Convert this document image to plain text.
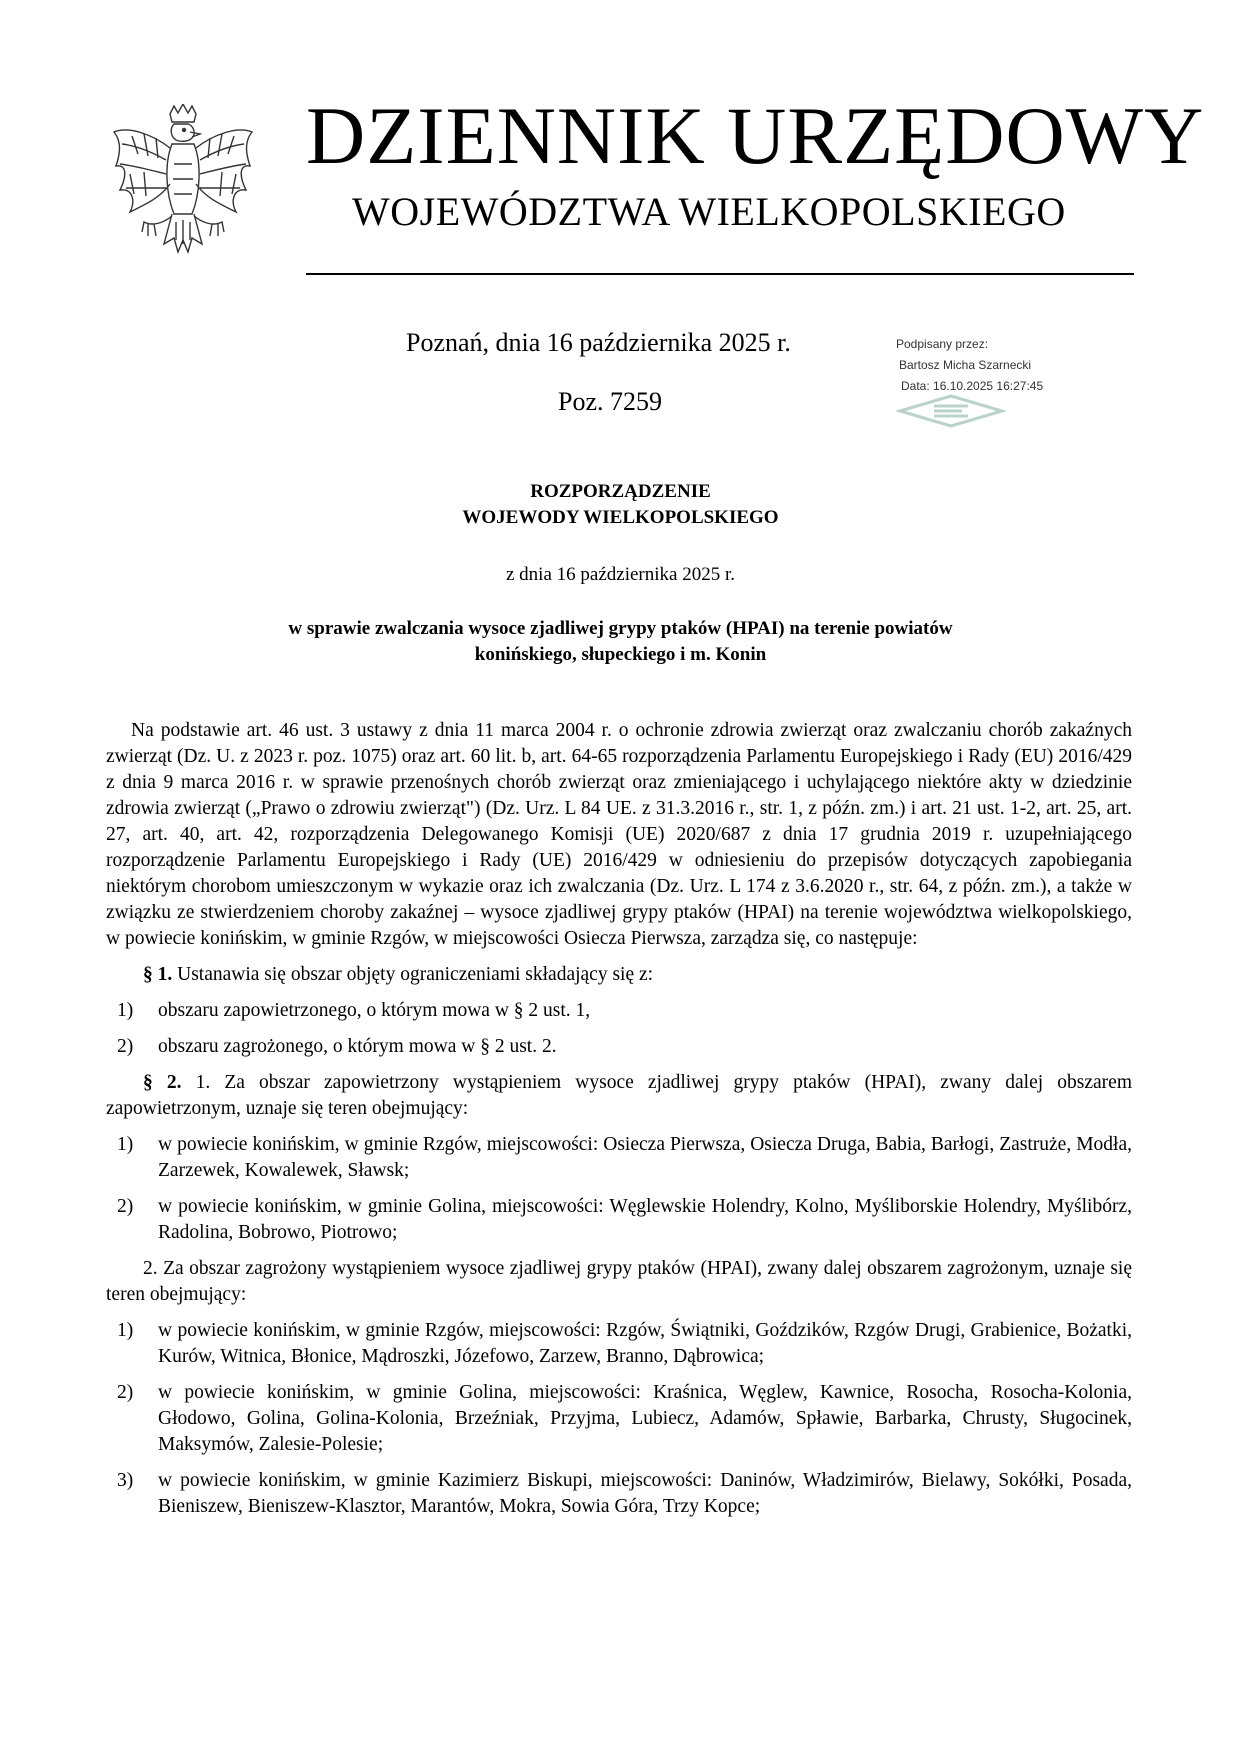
DZIENNIK URZĘDOWY
WOJEWÓDZTWA WIELKOPOLSKIEGO
Poznań, dnia 16 października 2025 r.
Poz. 7259
Podpisany przez:
Bartosz Micha Szarnecki
Data: 16.10.2025 16:27:45
ROZPORZĄDZENIE
WOJEWODY WIELKOPOLSKIEGO
z dnia 16 października 2025 r.
w sprawie zwalczania wysoce zjadliwej grypy ptaków (HPAI) na terenie powiatów
konińskiego, słupeckiego i m. Konin

Na podstawie art. 46 ust. 3 ustawy z dnia 11 marca 2004 r. o ochronie zdrowia zwierząt oraz zwalczaniu chorób zakaźnych zwierząt (Dz. U. z 2023 r. poz. 1075) oraz art. 60 lit. b, art. 64-65 rozporządzenia Parlamentu Europejskiego i Rady (EU) 2016/429 z dnia 9 marca 2016 r. w sprawie przenośnych chorób zwierząt oraz zmieniającego i uchylającego niektóre akty w dziedzinie zdrowia zwierząt („Prawo o zdrowiu zwierząt") (Dz. Urz. L 84 UE. z 31.3.2016 r., str. 1, z późn. zm.) i art. 21 ust. 1-2, art. 25, art. 27, art. 40, art. 42, rozporządzenia Delegowanego Komisji (UE) 2020/687 z dnia 17 grudnia 2019 r. uzupełniającego rozporządzenie Parlamentu Europejskiego i Rady (UE) 2016/429 w odniesieniu do przepisów dotyczących zapobiegania niektórym chorobom umieszczonym w wykazie oraz ich zwalczania (Dz. Urz. L 174 z 3.6.2020 r., str. 64, z późn. zm.), a także w związku ze stwierdzeniem choroby zakaźnej – wysoce zjadliwej grypy ptaków (HPAI) na terenie województwa wielkopolskiego, w powiecie konińskim, w gminie Rzgów, w miejscowości Osiecza Pierwsza, zarządza się, co następuje:

§ 1. Ustanawia się obszar objęty ograniczeniami składający się z:

1) obszaru zapowietrzonego, o którym mowa w § 2 ust. 1,
2) obszaru zagrożonego, o którym mowa w § 2 ust. 2.

§ 2. 1. Za obszar zapowietrzony wystąpieniem wysoce zjadliwej grypy ptaków (HPAI), zwany dalej obszarem zapowietrzonym, uznaje się teren obejmujący:

1) w powiecie konińskim, w gminie Rzgów, miejscowości: Osiecza Pierwsza, Osiecza Druga, Babia, Barłogi, Zastruże, Modła, Zarzewek, Kowalewek, Sławsk;
2) w powiecie konińskim, w gminie Golina, miejscowości: Węglewskie Holendry, Kolno, Myśliborskie Holendry, Myślibórz, Radolina, Bobrowo, Piotrowo;

2. Za obszar zagrożony wystąpieniem wysoce zjadliwej grypy ptaków (HPAI), zwany dalej obszarem zagrożonym, uznaje się teren obejmujący:

1) w powiecie konińskim, w gminie Rzgów, miejscowości: Rzgów, Świątniki, Goździków, Rzgów Drugi, Grabienice, Bożatki, Kurów, Witnica, Błonice, Mądroszki, Józefowo, Zarzew, Branno, Dąbrowica;
2) w powiecie konińskim, w gminie Golina, miejscowości: Kraśnica, Węglew, Kawnice, Rosocha, Rosocha-Kolonia, Głodowo, Golina, Golina-Kolonia, Brzeźniak, Przyjma, Lubiecz, Adamów, Spławie, Barbarka, Chrusty, Sługocinek, Maksymów, Zalesie-Polesie;
3) w powiecie konińskim, w gminie Kazimierz Biskupi, miejscowości: Daninów, Władzimirów, Bielawy, Sokółki, Posada, Bieniszew, Bieniszew-Klasztor, Marantów, Mokra, Sowia Góra, Trzy Kopce;
